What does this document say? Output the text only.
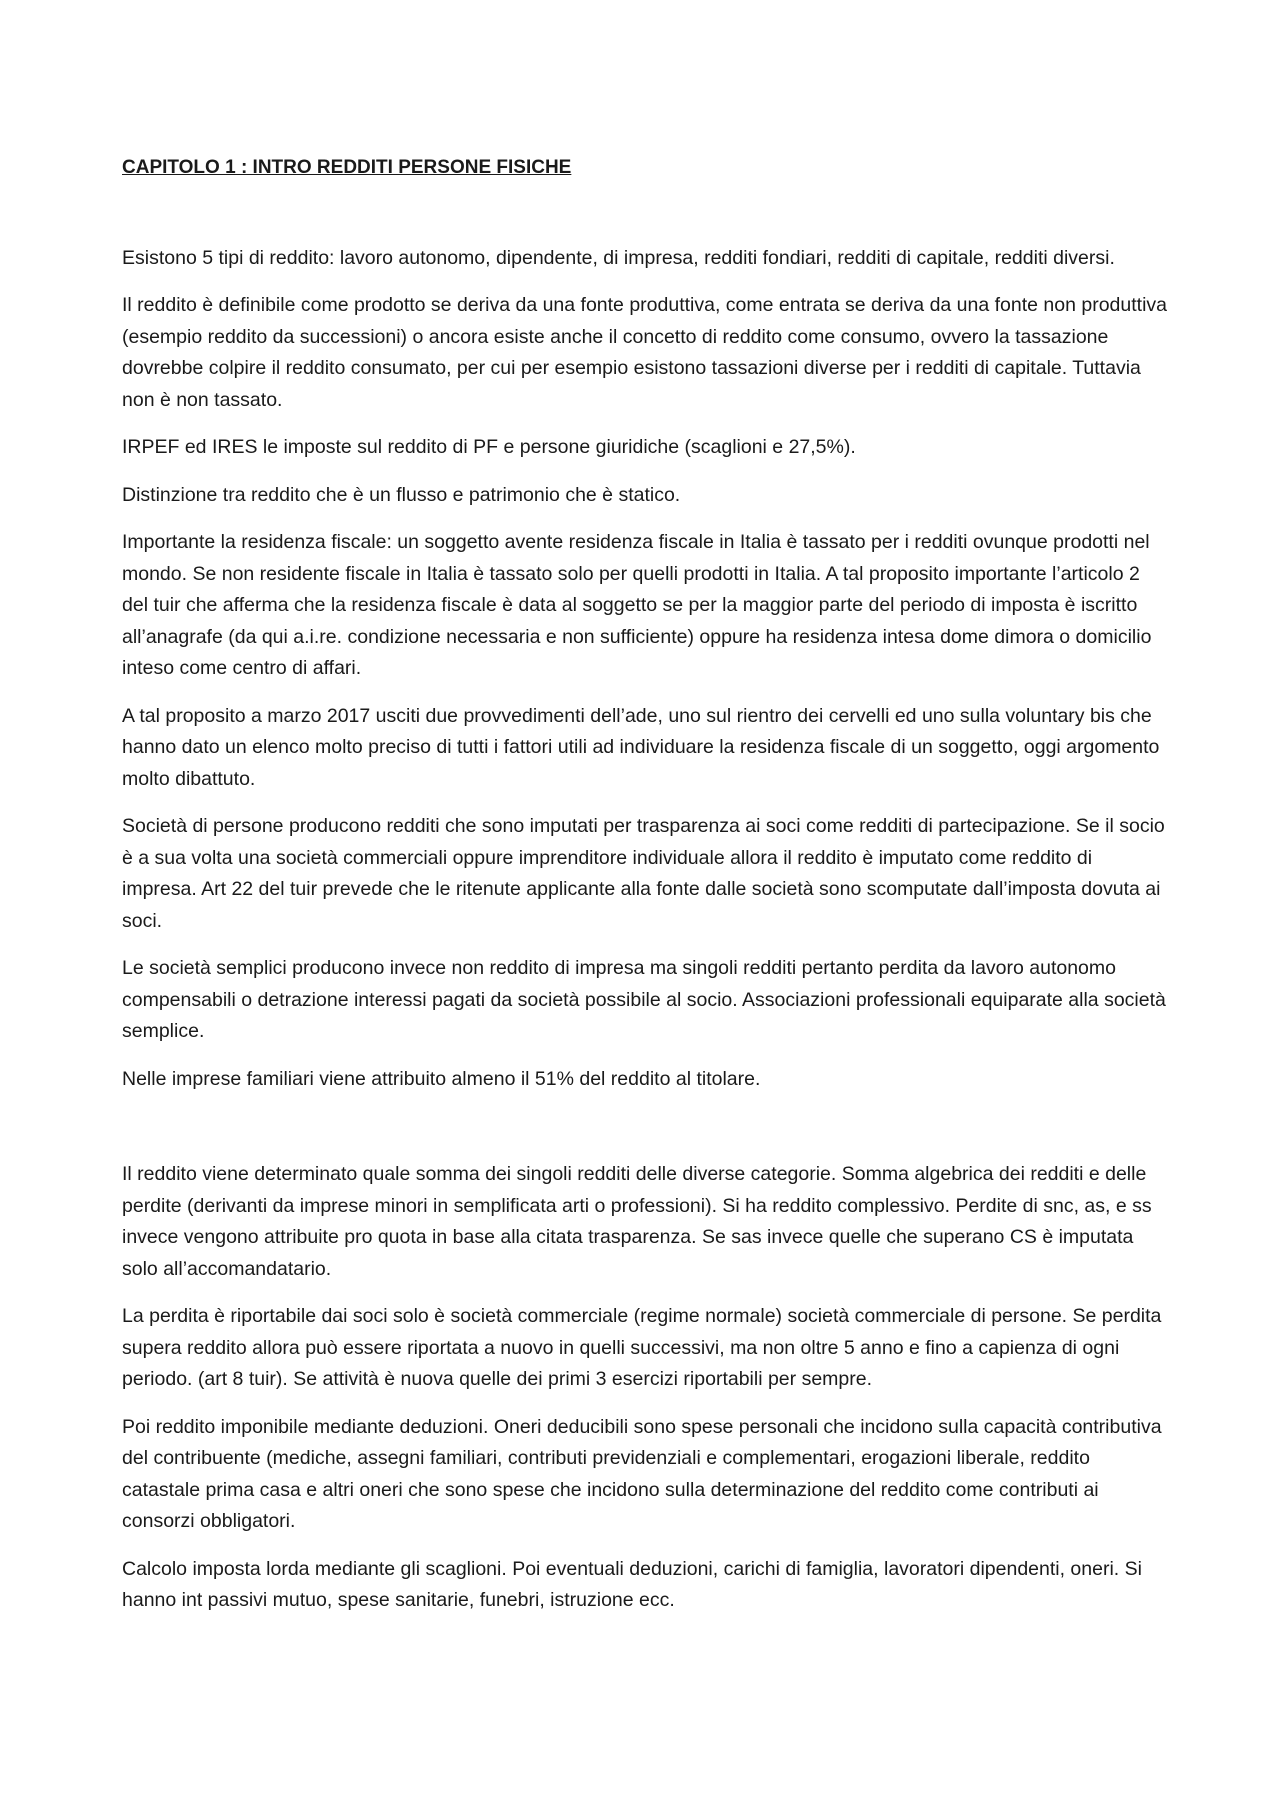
CAPITOLO 1 : INTRO REDDITI PERSONE FISICHE

Esistono 5 tipi di reddito: lavoro autonomo, dipendente, di impresa, redditi fondiari, redditi di capitale, redditi diversi.

Il reddito è definibile come prodotto se deriva da una fonte produttiva, come entrata se deriva da una fonte non produttiva (esempio reddito da successioni) o ancora esiste anche il concetto di reddito come consumo, ovvero la tassazione dovrebbe colpire il reddito consumato, per cui per esempio esistono tassazioni diverse per i redditi di capitale. Tuttavia non è non tassato.

IRPEF ed IRES le imposte sul reddito di PF e persone giuridiche (scaglioni e 27,5%).

Distinzione tra reddito che è un flusso e patrimonio che è statico.

Importante la residenza fiscale: un soggetto avente residenza fiscale in Italia è tassato per i redditi ovunque prodotti nel mondo. Se non residente fiscale in Italia è tassato solo per quelli prodotti in Italia. A tal proposito importante l’articolo 2 del tuir che afferma che la residenza fiscale è data al soggetto se per la maggior parte del periodo di imposta è iscritto all’anagrafe (da qui a.i.re. condizione necessaria e non sufficiente) oppure ha residenza intesa dome dimora o domicilio inteso come centro di affari.

A tal proposito a marzo 2017 usciti due provvedimenti dell’ade, uno sul rientro dei cervelli ed uno sulla voluntary bis che hanno dato un elenco molto preciso di tutti i fattori utili ad individuare la residenza fiscale di un soggetto, oggi argomento molto dibattuto.

Società di persone producono redditi che sono imputati per trasparenza ai soci come redditi di partecipazione. Se il socio è a sua volta una società commerciali oppure imprenditore individuale allora il reddito è imputato come reddito di impresa. Art 22 del tuir prevede che le ritenute applicante alla fonte dalle società sono scomputate dall’imposta dovuta ai soci.

Le società semplici producono invece non reddito di impresa ma singoli redditi pertanto perdita da lavoro autonomo compensabili o detrazione interessi pagati da società possibile al socio. Associazioni professionali equiparate alla società semplice.

Nelle imprese familiari viene attribuito almeno il 51% del reddito al titolare.

Il reddito viene determinato quale somma dei singoli redditi delle diverse categorie. Somma algebrica dei redditi e delle perdite (derivanti da imprese minori in semplificata arti o professioni). Si ha reddito complessivo. Perdite di snc, as, e ss invece vengono attribuite pro quota in base alla citata trasparenza. Se sas invece quelle che superano CS è imputata solo all’accomandatario.

La perdita è riportabile dai soci solo è società commerciale (regime normale) società commerciale di persone. Se perdita supera reddito allora può essere riportata a nuovo in quelli successivi, ma non oltre 5 anno e fino a capienza di ogni periodo. (art 8 tuir). Se attività è nuova quelle dei primi 3 esercizi riportabili per sempre.

Poi reddito imponibile mediante deduzioni. Oneri deducibili sono spese personali che incidono sulla capacità contributiva del contribuente (mediche, assegni familiari, contributi previdenziali e complementari, erogazioni liberale, reddito catastale prima casa e altri oneri che sono spese che incidono sulla determinazione del reddito come contributi ai consorzi obbligatori.

Calcolo imposta lorda mediante gli scaglioni. Poi eventuali deduzioni, carichi di famiglia, lavoratori dipendenti, oneri. Si hanno int passivi mutuo, spese sanitarie, funebri, istruzione ecc.
